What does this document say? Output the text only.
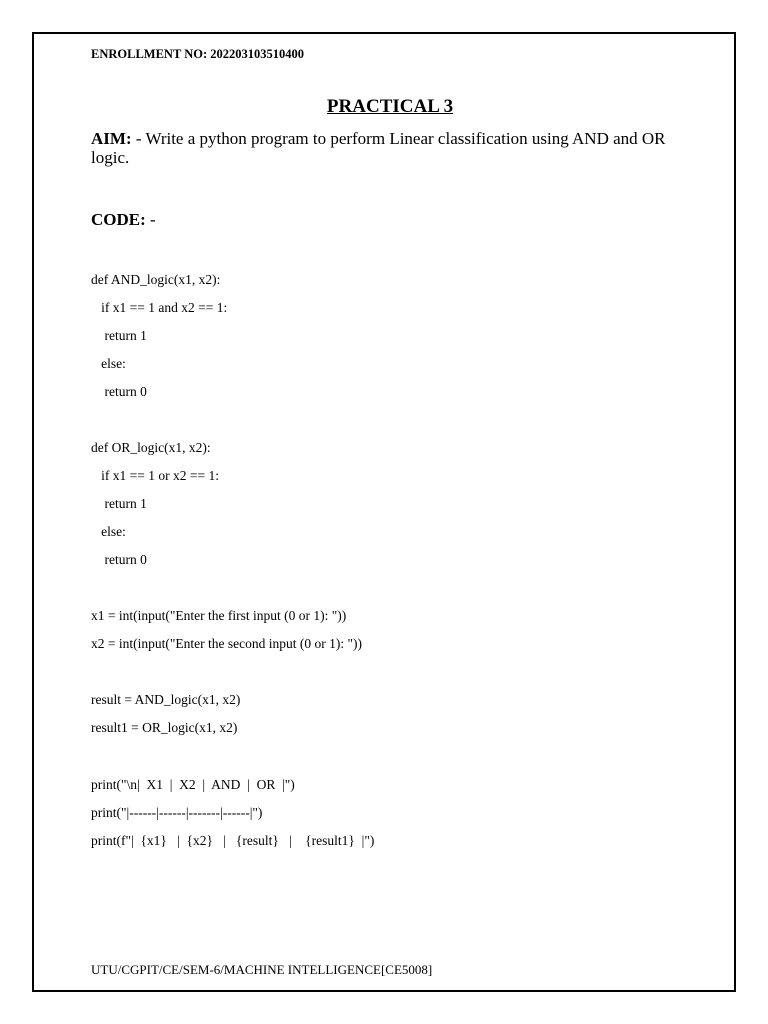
ENROLLMENT NO: 202203103510400
PRACTICAL 3
AIM: - Write a python program to perform Linear classification using AND and OR logic.
CODE: -
def AND_logic(x1, x2):
if x1 == 1 and x2 == 1:
return 1
else:
return 0
def OR_logic(x1, x2):
if x1 == 1 or x2 == 1:
return 1
else:
return 0
x1 = int(input("Enter the first input (0 or 1): "))
x2 = int(input("Enter the second input (0 or 1): "))
result = AND_logic(x1, x2)
result1 = OR_logic(x1, x2)
print("\n|  X1  |  X2  |  AND  |  OR  |")
print("|------|------|-------|------|")
print(f"|  {x1}   |  {x2}   |   {result}   |    {result1}  |")
UTU/CGPIT/CE/SEM-6/MACHINE INTELLIGENCE[CE5008]
